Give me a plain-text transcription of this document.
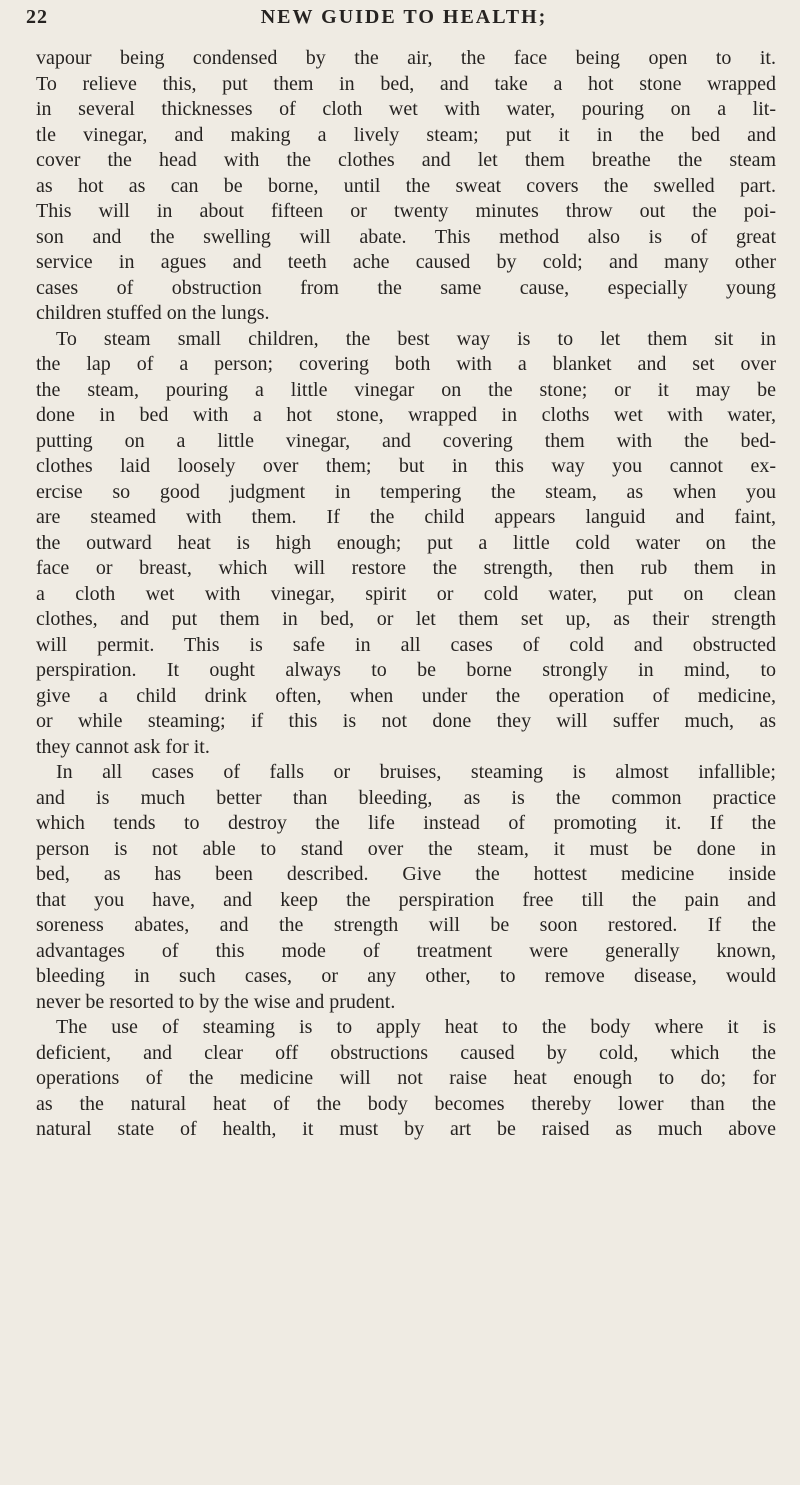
22	NEW GUIDE TO HEALTH;
vapour being condensed by the air, the face being open to it.
To relieve this, put them in bed, and take a hot stone wrapped
in several thicknesses of cloth wet with water, pouring on a lit-
tle vinegar, and making a lively steam; put it in the bed and
cover the head with the clothes and let them breathe the steam
as hot as can be borne, until the sweat covers the swelled part.
This will in about fifteen or twenty minutes throw out the poi-
son and the swelling will abate. This method also is of great
service in agues and teeth ache caused by cold; and many other
cases of obstruction from the same cause, especially young
children stuffed on the lungs.
To steam small children, the best way is to let them sit in
the lap of a person; covering both with a blanket and set over
the steam, pouring a little vinegar on the stone; or it may be
done in bed with a hot stone, wrapped in cloths wet with water,
putting on a little vinegar, and covering them with the bed-
clothes laid loosely over them; but in this way you cannot ex-
ercise so good judgment in tempering the steam, as when you
are steamed with them. If the child appears languid and faint,
the outward heat is high enough; put a little cold water on the
face or breast, which will restore the strength, then rub them in
a cloth wet with vinegar, spirit or cold water, put on clean
clothes, and put them in bed, or let them set up, as their strength
will permit. This is safe in all cases of cold and obstructed
perspiration. It ought always to be borne strongly in mind, to
give a child drink often, when under the operation of medicine,
or while steaming; if this is not done they will suffer much, as
they cannot ask for it.
In all cases of falls or bruises, steaming is almost infallible;
and is much better than bleeding, as is the common practice
which tends to destroy the life instead of promoting it. If the
person is not able to stand over the steam, it must be done in
bed, as has been described. Give the hottest medicine inside
that you have, and keep the perspiration free till the pain and
soreness abates, and the strength will be soon restored. If the
advantages of this mode of treatment were generally known,
bleeding in such cases, or any other, to remove disease, would
never be resorted to by the wise and prudent.
The use of steaming is to apply heat to the body where it is
deficient, and clear off obstructions caused by cold, which the
operations of the medicine will not raise heat enough to do; for
as the natural heat of the body becomes thereby lower than the
natural state of health, it must by art be raised as much above
